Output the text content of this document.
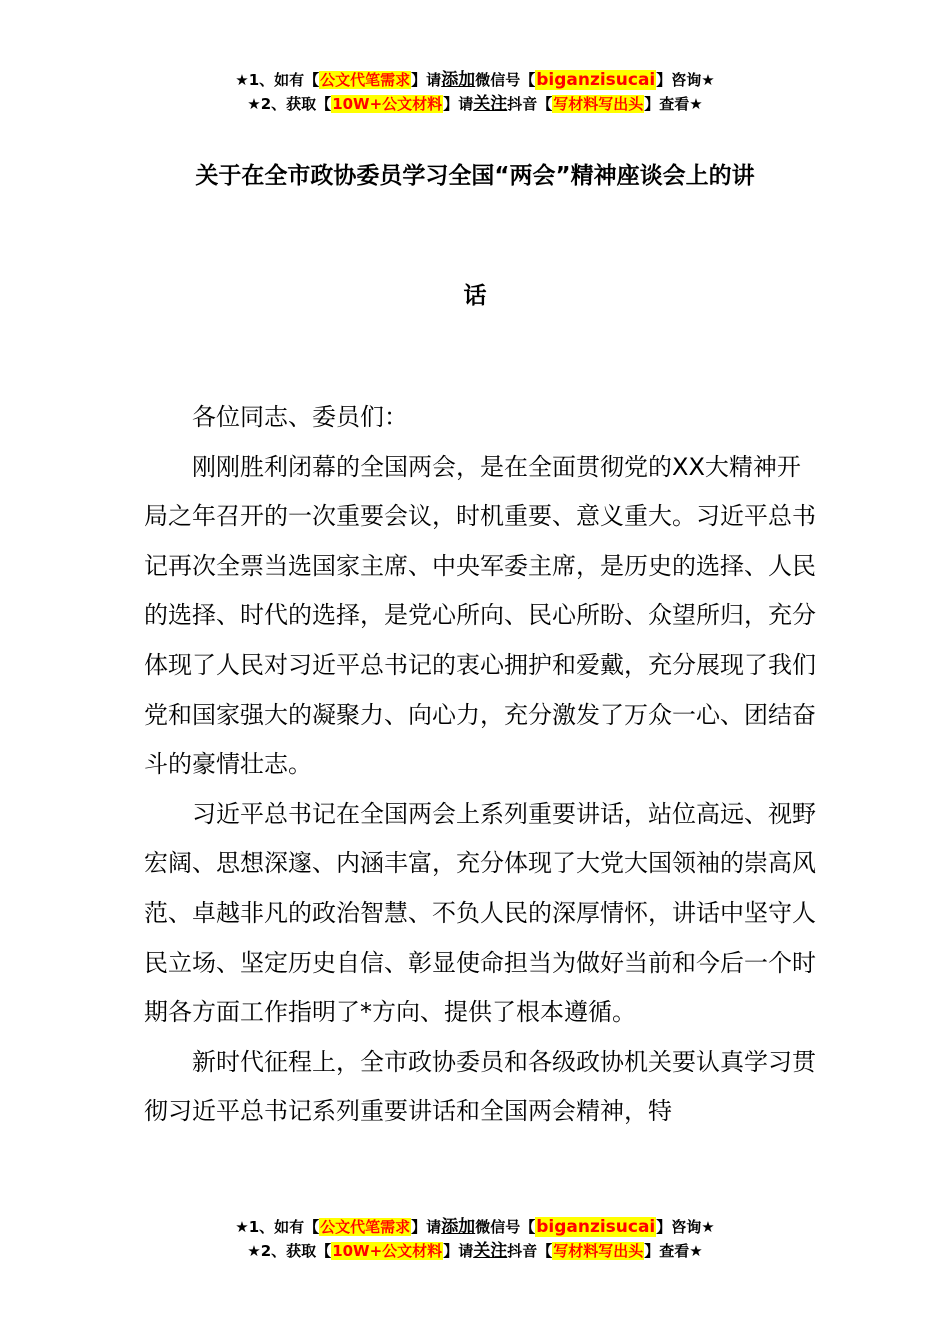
★1、如有【公文代笔需求】请添加微信号【biganzisucai】咨询★
★2、获取【10W+公文材料】请关注抖音【写材料写出头】查看★
关于在全市政协委员学习全国“两会”精神座谈会上的讲
话

各位同志、委员们：

刚刚胜利闭幕的全国两会，是在全面贯彻党的XX大精神开局之年召开的一次重要会议，时机重要、意义重大。习近平总书记再次全票当选国家主席、中央军委主席，是历史的选择、人民的选择、时代的选择，是党心所向、民心所盼、众望所归，充分体现了人民对习近平总书记的衷心拥护和爱戴，充分展现了我们党和国家强大的凝聚力、向心力，充分激发了万众一心、团结奋斗的豪情壮志。

习近平总书记在全国两会上系列重要讲话，站位高远、视野宏阔、思想深邃、内涵丰富，充分体现了大党大国领袖的崇高风范、卓越非凡的政治智慧、不负人民的深厚情怀，讲话中坚守人民立场、坚定历史自信、彰显使命担当为做好当前和今后一个时期各方面工作指明了*方向、提供了根本遵循。

新时代征程上，全市政协委员和各级政协机关要认真学习贯彻习近平总书记系列重要讲话和全国两会精神，特

★1、如有【公文代笔需求】请添加微信号【biganzisucai】咨询★
★2、获取【10W+公文材料】请关注抖音【写材料写出头】查看★
